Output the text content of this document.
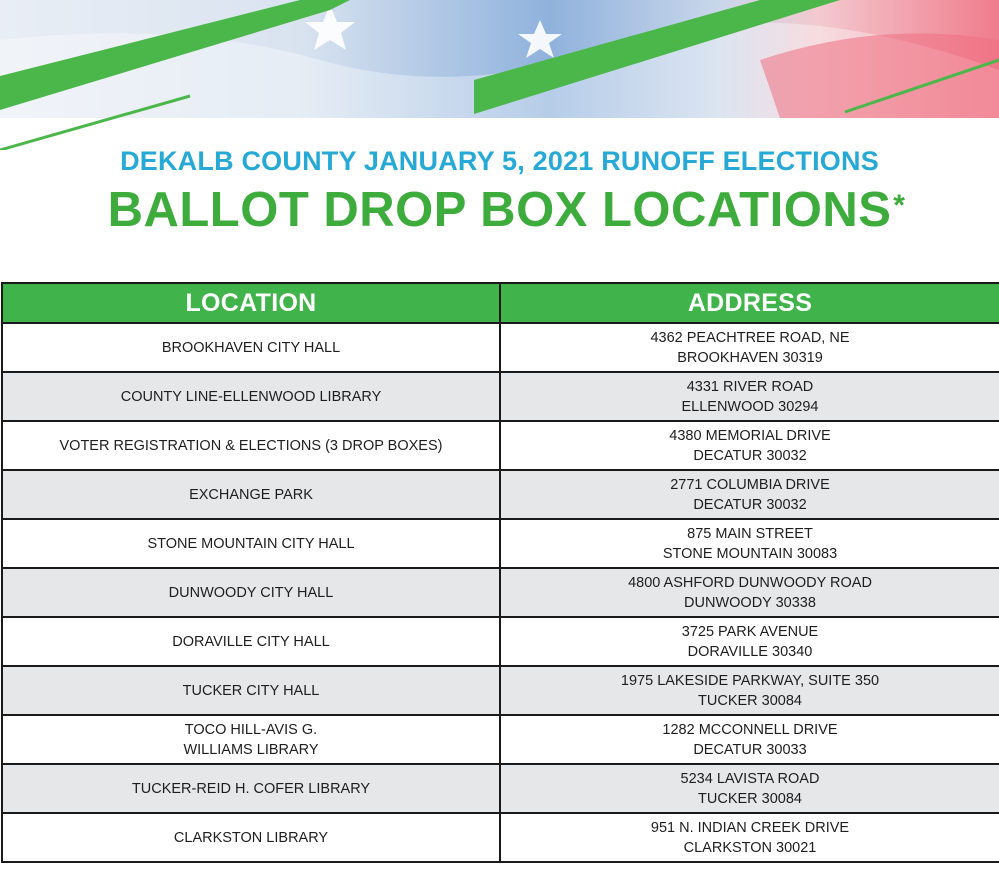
DEKALB COUNTY JANUARY 5, 2021 RUNOFF ELECTIONS
BALLOT DROP BOX LOCATIONS *
LOCATION	ADDRESS

BROOKHAVEN CITY HALL	4362 PEACHTREE ROAD, NE
BROOKHAVEN 30319

COUNTY LINE-ELLENWOOD LIBRARY	4331 RIVER ROAD
ELLENWOOD 30294

VOTER REGISTRATION & ELECTIONS (3 DROP BOXES)	4380 MEMORIAL DRIVE
DECATUR 30032

EXCHANGE PARK	2771 COLUMBIA DRIVE
DECATUR 30032

STONE MOUNTAIN CITY HALL	875 MAIN STREET
STONE MOUNTAIN 30083

DUNWOODY CITY HALL	4800 ASHFORD DUNWOODY ROAD
DUNWOODY 30338

DORAVILLE CITY HALL	3725 PARK AVENUE
DORAVILLE 30340

TUCKER CITY HALL	1975 LAKESIDE PARKWAY, SUITE 350
TUCKER 30084

TOCO HILL-AVIS G.
WILLIAMS LIBRARY	1282 MCCONNELL DRIVE
DECATUR 30033

TUCKER-REID H. COFER LIBRARY	5234 LAVISTA ROAD
TUCKER 30084

CLARKSTON LIBRARY	951 N. INDIAN CREEK DRIVE
CLARKSTON 30021
